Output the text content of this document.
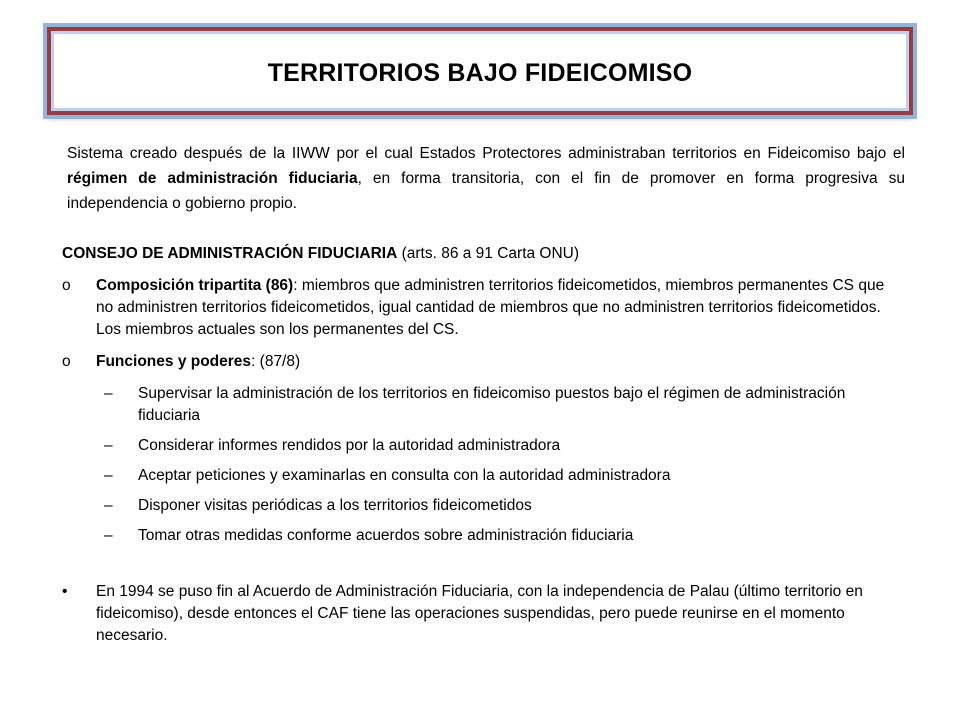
TERRITORIOS BAJO FIDEICOMISO

Sistema creado después de la IIWW por el cual Estados Protectores administraban territorios en Fideicomiso bajo el régimen de administración fiduciaria, en forma transitoria, con el fin de promover en forma progresiva su independencia o gobierno propio.

CONSEJO DE ADMINISTRACIÓN FIDUCIARIA (arts. 86 a 91 Carta ONU)
o Composición tripartita (86): miembros que administren territorios fideicometidos, miembros permanentes CS que no administren territorios fideicometidos, igual cantidad de miembros que no administren territorios fideicometidos. Los miembros actuales son los permanentes del CS.
o Funciones y poderes: (87/8)
– Supervisar la administración de los territorios en fideicomiso puestos bajo el régimen de administración fiduciaria
– Considerar informes rendidos por la autoridad administradora
– Aceptar peticiones y examinarlas en consulta con la autoridad administradora
– Disponer visitas periódicas a los territorios fideicometidos
– Tomar otras medidas conforme acuerdos sobre administración fiduciaria
• En 1994 se puso fin al Acuerdo de Administración Fiduciaria, con la independencia de Palau (último territorio en fideicomiso), desde entonces el CAF tiene las operaciones suspendidas, pero puede reunirse en el momento necesario.
